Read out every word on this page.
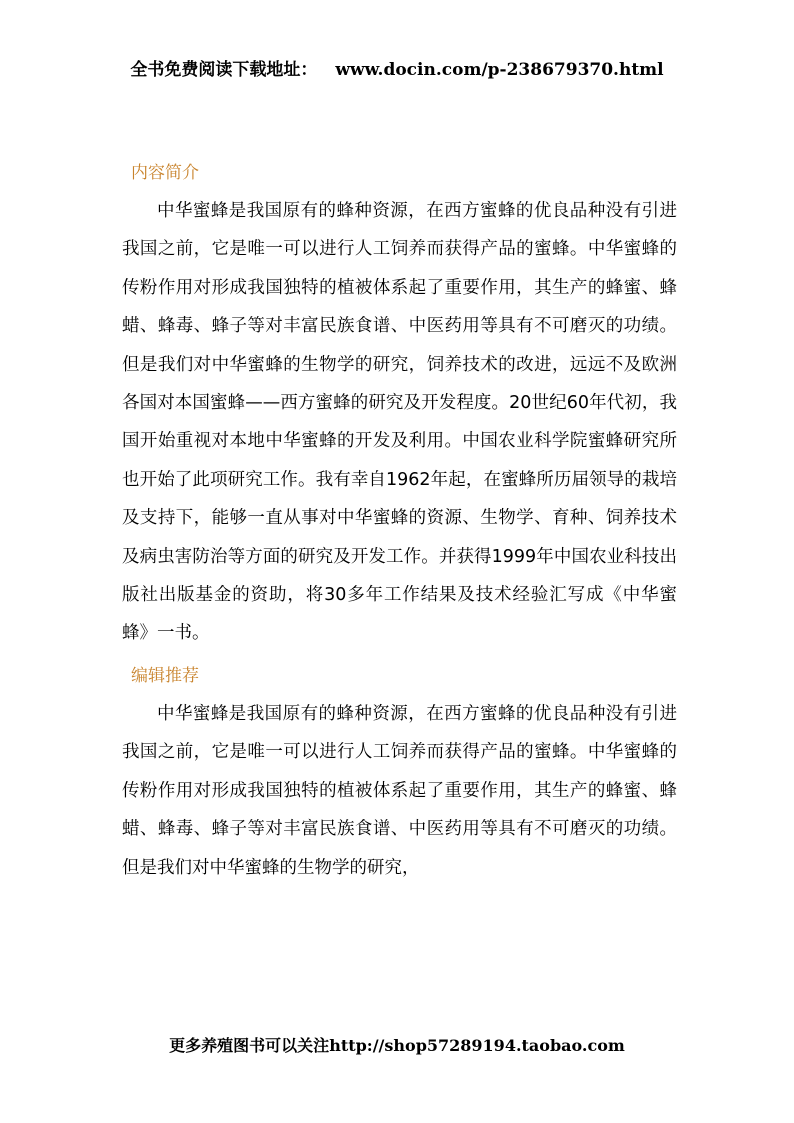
全书免费阅读下载地址： www.docin.com/p-238679370.html
内容简介

中华蜜蜂是我国原有的蜂种资源，在西方蜜蜂的优良品种没有引进我国之前，它是唯一可以进行人工饲养而获得产品的蜜蜂。中华蜜蜂的传粉作用对形成我国独特的植被体系起了重要作用，其生产的蜂蜜、蜂蜡、蜂毒、蜂子等对丰富民族食谱、中医药用等具有不可磨灭的功绩。但是我们对中华蜜蜂的生物学的研究，饲养技术的改进，远远不及欧洲各国对本国蜜蜂——西方蜜蜂的研究及开发程度。20世纪60年代初，我国开始重视对本地中华蜜蜂的开发及利用。中国农业科学院蜜蜂研究所也开始了此项研究工作。我有幸自1962年起，在蜜蜂所历届领导的栽培及支持下，能够一直从事对中华蜜蜂的资源、生物学、育种、饲养技术及病虫害防治等方面的研究及开发工作。并获得1999年中国农业科技出版社出版基金的资助，将30多年工作结果及技术经验汇写成《中华蜜蜂》一书。

编辑推荐

中华蜜蜂是我国原有的蜂种资源，在西方蜜蜂的优良品种没有引进我国之前，它是唯一可以进行人工饲养而获得产品的蜜蜂。中华蜜蜂的传粉作用对形成我国独特的植被体系起了重要作用，其生产的蜂蜜、蜂蜡、蜂毒、蜂子等对丰富民族食谱、中医药用等具有不可磨灭的功绩。但是我们对中华蜜蜂的生物学的研究，

更多养殖图书可以关注http://shop57289194.taobao.com
